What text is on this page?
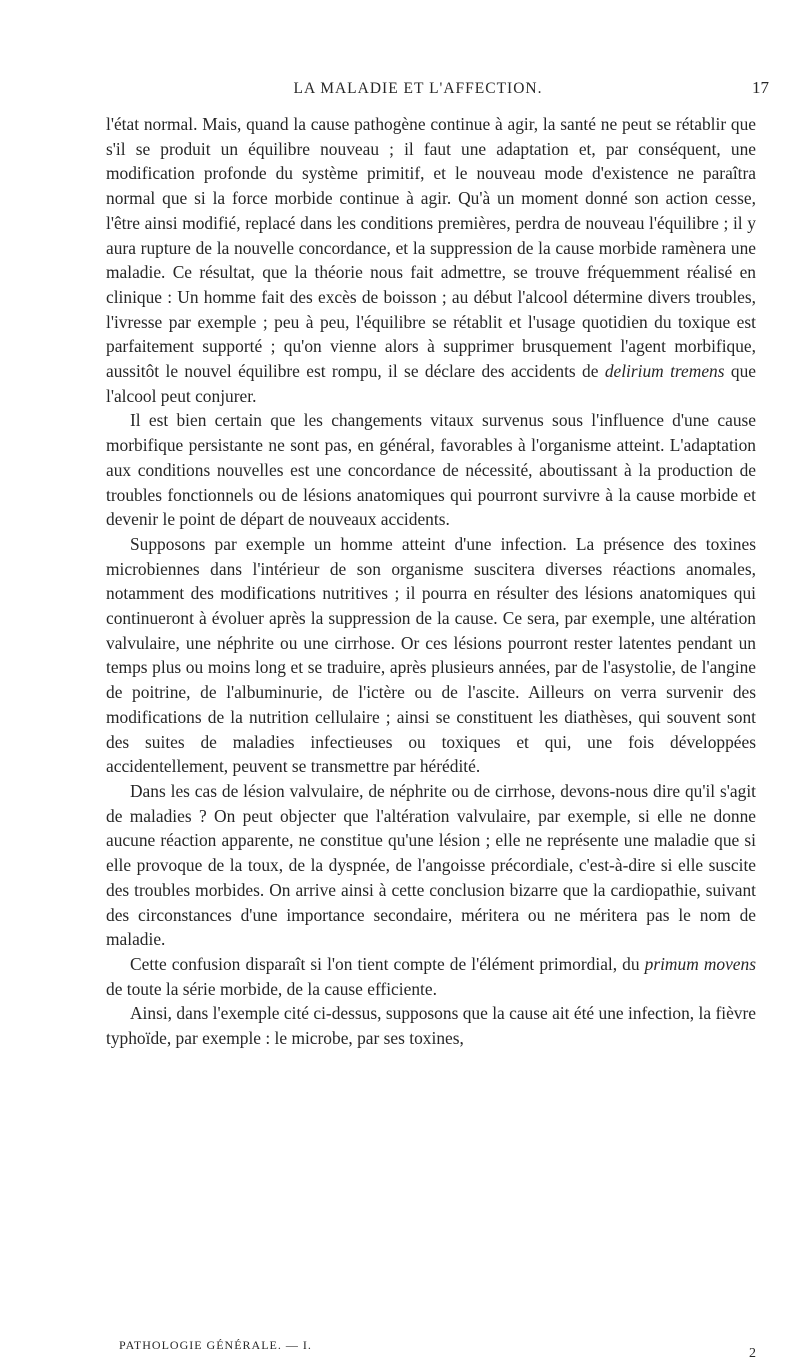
LA MALADIE ET L'AFFECTION.	17

l'état normal. Mais, quand la cause pathogène continue à agir, la santé ne peut se rétablir que s'il se produit un équilibre nouveau ; il faut une adaptation et, par conséquent, une modification profonde du système primitif, et le nouveau mode d'existence ne paraîtra normal que si la force morbide continue à agir. Qu'à un moment donné son action cesse, l'être ainsi modifié, replacé dans les conditions premières, perdra de nouveau l'équilibre ; il y aura rupture de la nouvelle concordance, et la suppression de la cause morbide ramènera une maladie. Ce résultat, que la théorie nous fait admettre, se trouve fréquemment réalisé en clinique : Un homme fait des excès de boisson ; au début l'alcool détermine divers troubles, l'ivresse par exemple ; peu à peu, l'équilibre se rétablit et l'usage quotidien du toxique est parfaitement supporté ; qu'on vienne alors à supprimer brusquement l'agent morbifique, aussitôt le nouvel équilibre est rompu, il se déclare des accidents de delirium tremens que l'alcool peut conjurer.

Il est bien certain que les changements vitaux survenus sous l'influence d'une cause morbifique persistante ne sont pas, en général, favorables à l'organisme atteint. L'adaptation aux conditions nouvelles est une concordance de nécessité, aboutissant à la production de troubles fonctionnels ou de lésions anatomiques qui pourront survivre à la cause morbide et devenir le point de départ de nouveaux accidents.

Supposons par exemple un homme atteint d'une infection. La présence des toxines microbiennes dans l'intérieur de son organisme suscitera diverses réactions anomales, notamment des modifications nutritives ; il pourra en résulter des lésions anatomiques qui continueront à évoluer après la suppression de la cause. Ce sera, par exemple, une altération valvulaire, une néphrite ou une cirrhose. Or ces lésions pourront rester latentes pendant un temps plus ou moins long et se traduire, après plusieurs années, par de l'asystolie, de l'angine de poitrine, de l'albuminurie, de l'ictère ou de l'ascite. Ailleurs on verra survenir des modifications de la nutrition cellulaire ; ainsi se constituent les diathèses, qui souvent sont des suites de maladies infectieuses ou toxiques et qui, une fois développées accidentellement, peuvent se transmettre par hérédité.

Dans les cas de lésion valvulaire, de néphrite ou de cirrhose, devons-nous dire qu'il s'agit de maladies ? On peut objecter que l'altération valvulaire, par exemple, si elle ne donne aucune réaction apparente, ne constitue qu'une lésion ; elle ne représente une maladie que si elle provoque de la toux, de la dyspnée, de l'angoisse précordiale, c'est-à-dire si elle suscite des troubles morbides. On arrive ainsi à cette conclusion bizarre que la cardiopathie, suivant des circonstances d'une importance secondaire, méritera ou ne méritera pas le nom de maladie.

Cette confusion disparaît si l'on tient compte de l'élément primordial, du primum movens de toute la série morbide, de la cause efficiente.

Ainsi, dans l'exemple cité ci-dessus, supposons que la cause ait été une infection, la fièvre typhoïde, par exemple : le microbe, par ses toxines,

PATHOLOGIE GÉNÉRALE. — I.
2
